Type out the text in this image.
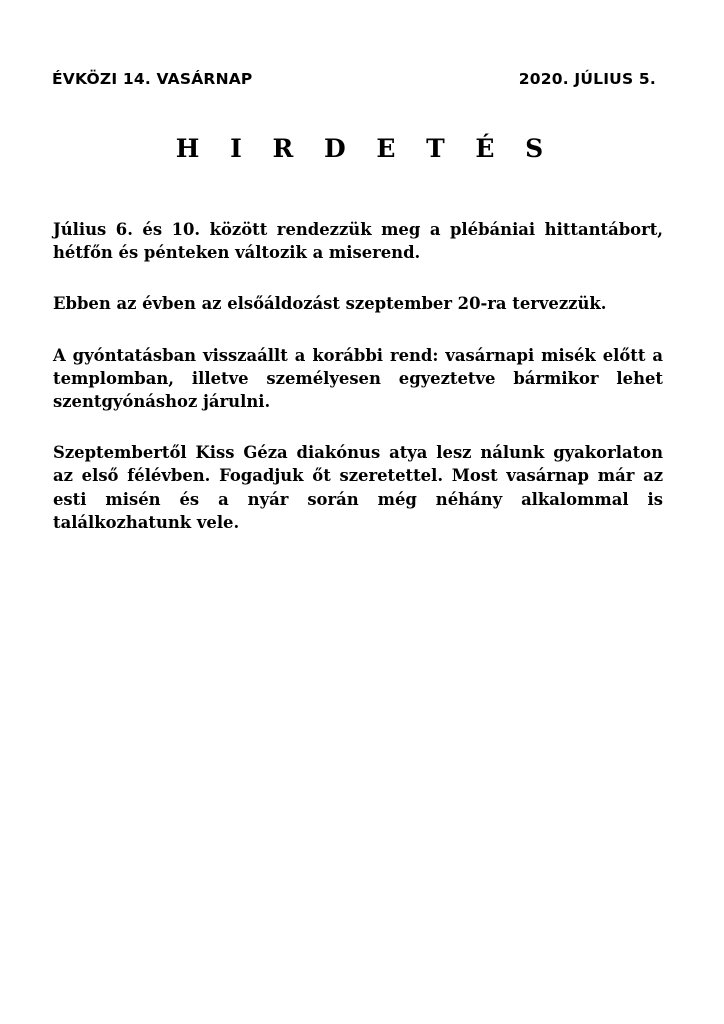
ÉVKÖZI 14. VASÁRNAP	2020. JÚLIUS 5.
H I R D E T É S

Július 6. és 10. között rendezzük meg a plébániai hittantábort, hétfőn és pénteken változik a miserend.

Ebben az évben az elsőáldozást szeptember 20-ra tervezzük.

A gyóntatásban visszaállt a korábbi rend: vasárnapi misék előtt a templomban, illetve személyesen egyeztetve bármikor lehet szentgyónáshoz járulni.

Szeptembertől Kiss Géza diakónus atya lesz nálunk gyakorlaton az első félévben. Fogadjuk őt szeretettel. Most vasárnap már az esti misén és a nyár során még néhány alkalommal is találkozhatunk vele.
